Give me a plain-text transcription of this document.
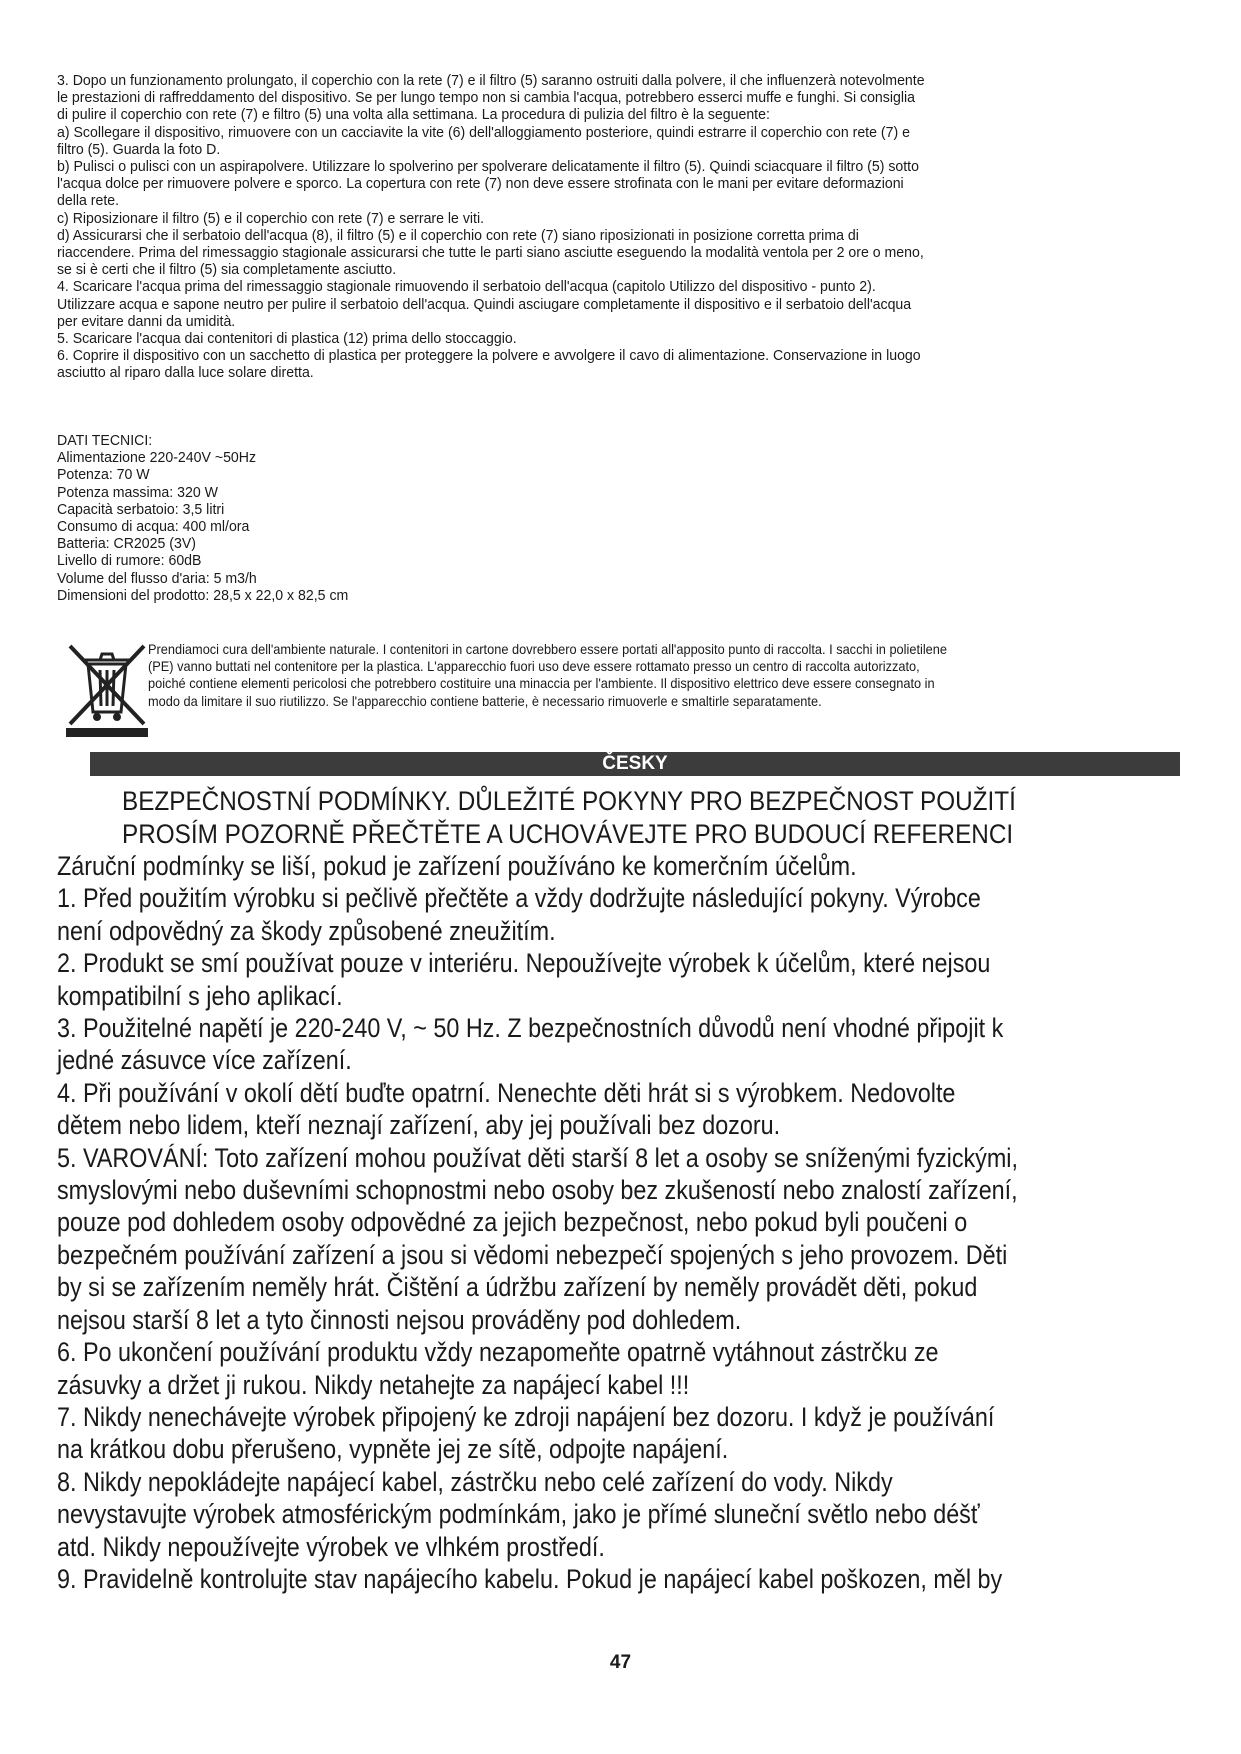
3. Dopo un funzionamento prolungato, il coperchio con la rete (7) e il filtro (5) saranno ostruiti dalla polvere, il che influenzerà notevolmente

le prestazioni di raffreddamento del dispositivo. Se per lungo tempo non si cambia l'acqua, potrebbero esserci muffe e funghi. Si consiglia

di pulire il coperchio con rete (7) e filtro (5) una volta alla settimana. La procedura di pulizia del filtro è la seguente:

a) Scollegare il dispositivo, rimuovere con un cacciavite la vite (6) dell'alloggiamento posteriore, quindi estrarre il coperchio con rete (7) e

filtro (5). Guarda la foto D.

b) Pulisci o pulisci con un aspirapolvere. Utilizzare lo spolverino per spolverare delicatamente il filtro (5). Quindi sciacquare il filtro (5) sotto

l'acqua dolce per rimuovere polvere e sporco. La copertura con rete (7) non deve essere strofinata con le mani per evitare deformazioni

della rete.

c) Riposizionare il filtro (5) e il coperchio con rete (7) e serrare le viti.

d) Assicurarsi che il serbatoio dell'acqua (8), il filtro (5) e il coperchio con rete (7) siano riposizionati in posizione corretta prima di

riaccendere. Prima del rimessaggio stagionale assicurarsi che tutte le parti siano asciutte eseguendo la modalità ventola per 2 ore o meno,

se si è certi che il filtro (5) sia completamente asciutto.

4. Scaricare l'acqua prima del rimessaggio stagionale rimuovendo il serbatoio dell'acqua (capitolo Utilizzo del dispositivo - punto 2).

Utilizzare acqua e sapone neutro per pulire il serbatoio dell'acqua. Quindi asciugare completamente il dispositivo e il serbatoio dell'acqua

per evitare danni da umidità.

5. Scaricare l'acqua dai contenitori di plastica (12) prima dello stoccaggio.

6. Coprire il dispositivo con un sacchetto di plastica per proteggere la polvere e avvolgere il cavo di alimentazione. Conservazione in luogo

asciutto al riparo dalla luce solare diretta.

DATI TECNICI:

Alimentazione 220-240V ~50Hz

Potenza: 70 W

Potenza massima: 320 W

Capacità serbatoio: 3,5 litri

Consumo di acqua: 400 ml/ora

Batteria: CR2025 (3V)

Livello di rumore: 60dB

Volume del flusso d'aria: 5 m3/h

Dimensioni del prodotto: 28,5 x 22,0 x 82,5 cm

Prendiamoci cura dell'ambiente naturale. I contenitori in cartone dovrebbero essere portati all'apposito punto di raccolta. I sacchi in polietilene

(PE) vanno buttati nel contenitore per la plastica. L'apparecchio fuori uso deve essere rottamato presso un centro di raccolta autorizzato,

poiché contiene elementi pericolosi che potrebbero costituire una minaccia per l'ambiente. Il dispositivo elettrico deve essere consegnato in

modo da limitare il suo riutilizzo. Se l'apparecchio contiene batterie, è necessario rimuoverle e smaltirle separatamente.

ČESKY

BEZPEČNOSTNÍ PODMÍNKY. DŮLEŽITÉ POKYNY PRO BEZPEČNOST POUŽITÍ

PROSÍM POZORNĚ PŘEČTĚTE A UCHOVÁVEJTE PRO BUDOUCÍ REFERENCI

Záruční podmínky se liší, pokud je zařízení používáno ke komerčním účelům.

1. Před použitím výrobku si pečlivě přečtěte a vždy dodržujte následující pokyny. Výrobce

není odpovědný za škody způsobené zneužitím.

2. Produkt se smí používat pouze v interiéru. Nepoužívejte výrobek k účelům, které nejsou

kompatibilní s jeho aplikací.

3. Použitelné napětí je 220-240 V, ~ 50 Hz. Z bezpečnostních důvodů není vhodné připojit k

jedné zásuvce více zařízení.

4. Při používání v okolí dětí buďte opatrní. Nenechte děti hrát si s výrobkem. Nedovolte

dětem nebo lidem, kteří neznají zařízení, aby jej používali bez dozoru.

5. VAROVÁNÍ: Toto zařízení mohou používat děti starší 8 let a osoby se sníženými fyzickými,

smyslovými nebo duševními schopnostmi nebo osoby bez zkušeností nebo znalostí zařízení,

pouze pod dohledem osoby odpovědné za jejich bezpečnost, nebo pokud byli poučeni o

bezpečném používání zařízení a jsou si vědomi nebezpečí spojených s jeho provozem. Děti

by si se zařízením neměly hrát. Čištění a údržbu zařízení by neměly provádět děti, pokud

nejsou starší 8 let a tyto činnosti nejsou prováděny pod dohledem.

6. Po ukončení používání produktu vždy nezapomeňte opatrně vytáhnout zástrčku ze

zásuvky a držet ji rukou. Nikdy netahejte za napájecí kabel !!!

7. Nikdy nenechávejte výrobek připojený ke zdroji napájení bez dozoru. I když je používání

na krátkou dobu přerušeno, vypněte jej ze sítě, odpojte napájení.

8. Nikdy nepokládejte napájecí kabel, zástrčku nebo celé zařízení do vody. Nikdy

nevystavujte výrobek atmosférickým podmínkám, jako je přímé sluneční světlo nebo déšť

atd. Nikdy nepoužívejte výrobek ve vlhkém prostředí.

9. Pravidelně kontrolujte stav napájecího kabelu. Pokud je napájecí kabel poškozen, měl by

47
